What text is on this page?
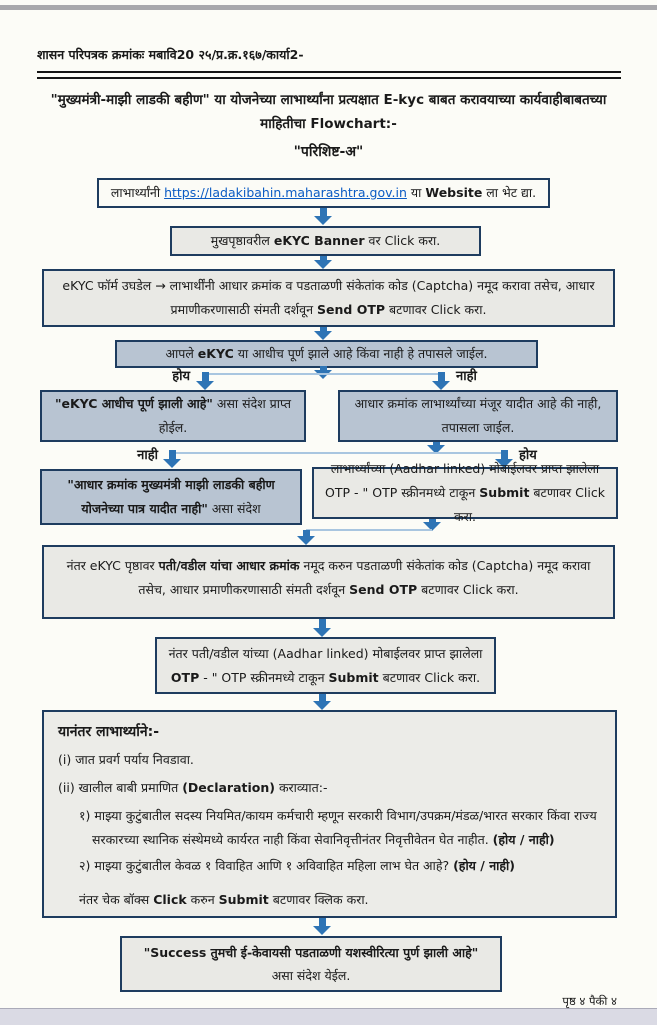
शासन परिपत्रक क्रमांकः मबावि20 २५/प्र.क्र.१६७/कार्या2-
"मुख्यमंत्री-माझी लाडकी बहीण" या योजनेच्या लाभार्थ्यांना प्रत्यक्षात E-kyc बाबत करावयाच्या कार्यवाहीबाबतच्या
माहितीचा Flowchart:-
"परिशिष्ट-अ"
लाभार्थ्यांनी https://ladakibahin.maharashtra.gov.in या Website ला भेट द्या.
मुखपृष्ठावरील eKYC Banner वर Click करा.
eKYC फॉर्म उघडेल → लाभार्थींनी आधार क्रमांक व पडताळणी संकेतांक कोड (Captcha) नमूद करावा तसेच, आधार प्रमाणीकरणासाठी संमती दर्शवून Send OTP बटणावर Click करा.
आपले eKYC या आधीच पूर्ण झाले आहे किंवा नाही हे तपासले जाईल.
होय	नाही
"eKYC आधीच पूर्ण झाली आहे" असा संदेश प्राप्त होईल.
आधार क्रमांक लाभार्थ्यांच्या मंजूर यादीत आहे की नाही, तपासला जाईल.
नाही	होय
"आधार क्रमांक मुख्यमंत्री माझी लाडकी बहीण योजनेच्या पात्र यादीत नाही" असा संदेश
लाभार्थ्यांच्या (Aadhar linked) मोबाईलवर प्राप्त झालेला OTP - " OTP स्क्रीनमध्ये टाकून Submit बटणावर Click करा.
नंतर eKYC पृष्ठावर पती/वडील यांचा आधार क्रमांक नमूद करुन पडताळणी संकेतांक कोड (Captcha) नमूद करावा तसेच, आधार प्रमाणीकरणासाठी संमती दर्शवून Send OTP बटणावर Click करा.
नंतर पती/वडील यांच्या (Aadhar linked) मोबाईलवर प्राप्त झालेला OTP - " OTP स्क्रीनमध्ये टाकून Submit बटणावर Click करा.
यानंतर लाभार्थ्याने:-
(i) जात प्रवर्ग पर्याय निवडावा.
(ii) खालील बाबी प्रमाणित (Declaration) कराव्यात:-
१) माझ्या कुटुंबातील सदस्य नियमित/कायम कर्मचारी म्हणून सरकारी विभाग/उपक्रम/मंडळ/भारत सरकार किंवा राज्य सरकारच्या स्थानिक संस्थेमध्ये कार्यरत नाही किंवा सेवानिवृत्तीनंतर निवृत्तीवेतन घेत नाहीत. (होय / नाही)
२) माझ्या कुटुंबातील केवळ १ विवाहित आणि १ अविवाहित महिला लाभ घेत आहे? (होय / नाही)
नंतर चेक बॉक्स Click करुन Submit बटणावर क्लिक करा.
"Success तुमची ई-केवायसी पडताळणी यशस्वीरित्या पुर्ण झाली आहे"
असा संदेश येईल.
पृष्ठ ४ पैकी ४
